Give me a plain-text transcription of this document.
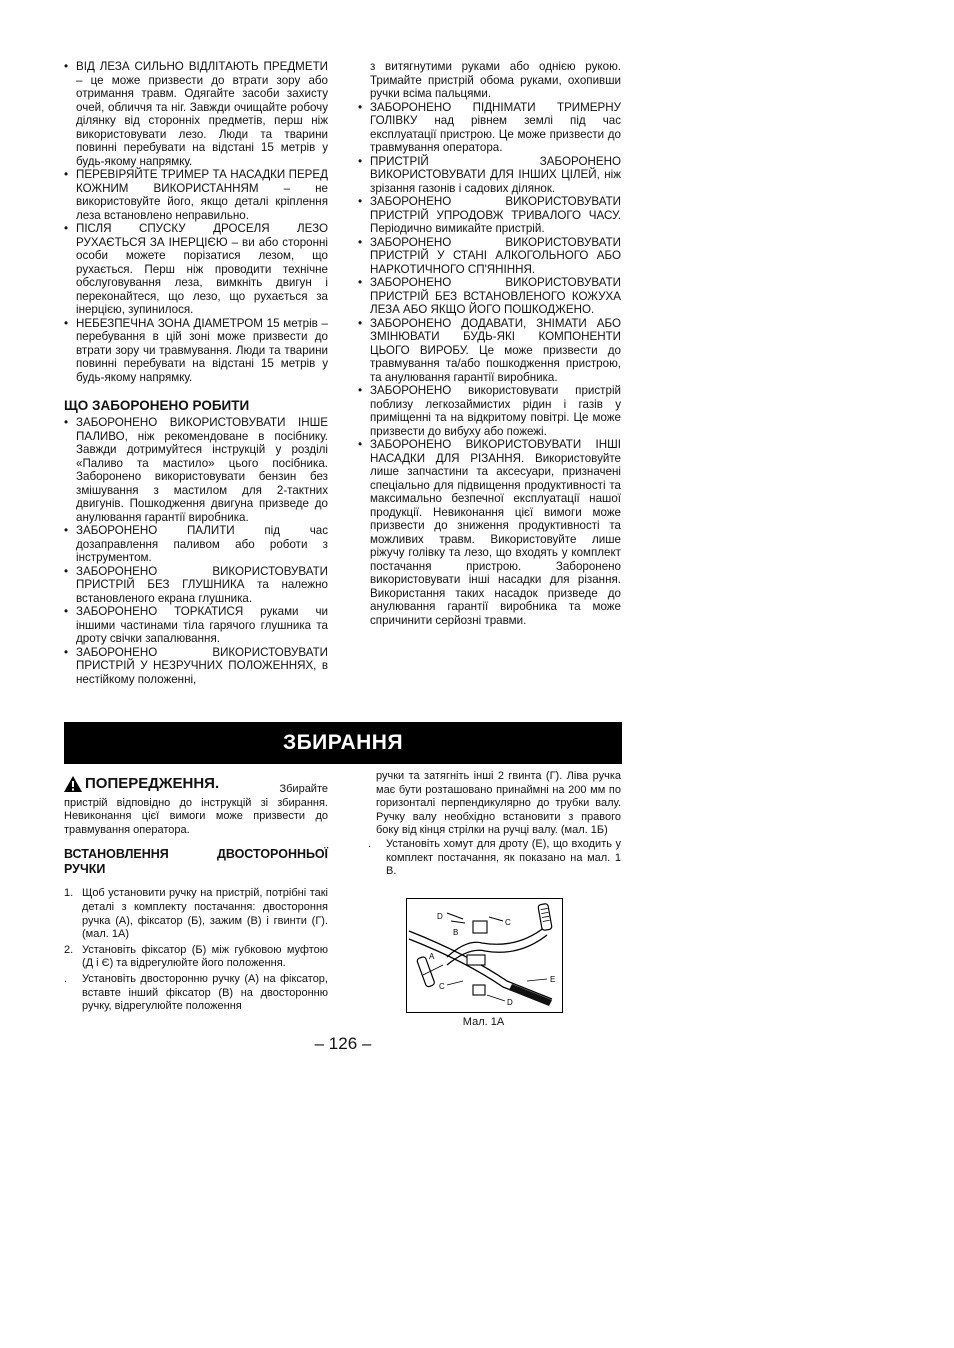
• ВІД ЛЕЗА СИЛЬНО ВІДЛІТАЮТЬ ПРЕДМЕТИ – це може призвести до втрати зору або отримання травм. Одягайте засоби захисту очей, обличчя та ніг. Завжди очищайте робочу ділянку від сторонніх предметів, перш ніж використовувати лезо. Люди та тварини повинні перебувати на відстані 15 метрів у будь-якому напрямку.
• ПЕРЕВІРЯЙТЕ ТРИМЕР ТА НАСАДКИ ПЕРЕД КОЖНИМ ВИКОРИСТАННЯМ – не використовуйте його, якщо деталі кріплення леза встановлено неправильно.
• ПІСЛЯ СПУСКУ ДРОСЕЛЯ ЛЕЗО РУХАЄТЬСЯ ЗА ІНЕРЦІЄЮ – ви або сторонні особи можете порізатися лезом, що рухається. Перш ніж проводити технічне обслуговування леза, вимкніть двигун і переконайтеся, що лезо, що рухається за інерцією, зупинилося.
• НЕБЕЗПЕЧНА ЗОНА ДІАМЕТРОМ 15 метрів – перебування в цій зоні може призвести до втрати зору чи травмування. Люди та тварини повинні перебувати на відстані 15 метрів у будь-якому напрямку.
ЩО ЗАБОРОНЕНО РОБИТИ
• ЗАБОРОНЕНО ВИКОРИСТОВУВАТИ ІНШЕ ПАЛИВО, ніж рекомендоване в посібнику. Завжди дотримуйтеся інструкцій у розділі «Паливо та мастило» цього посібника. Заборонено використовувати бензин без змішування з мастилом для 2-тактних двигунів. Пошкодження двигуна призведе до анулювання гарантії виробника.
• ЗАБОРОНЕНО ПАЛИТИ під час дозаправлення паливом або роботи з інструментом.
• ЗАБОРОНЕНО ВИКОРИСТОВУВАТИ ПРИСТРІЙ БЕЗ ГЛУШНИКА та належно встановленого екрана глушника.
• ЗАБОРОНЕНО ТОРКАТИСЯ руками чи іншими частинами тіла гарячого глушника та дроту свічки запалювання.
• ЗАБОРОНЕНО ВИКОРИСТОВУВАТИ ПРИСТРІЙ У НЕЗРУЧНИХ ПОЛОЖЕННЯХ, в нестійкому положенні,
з витягнутими руками або однією рукою. Тримайте пристрій обома руками, охопивши ручки всіма пальцями.
• ЗАБОРОНЕНО ПІДНІМАТИ ТРИМЕРНУ ГОЛІВКУ над рівнем землі під час експлуатації пристрою. Це може призвести до травмування оператора.
• ПРИСТРІЙ ЗАБОРОНЕНО ВИКОРИСТОВУВАТИ ДЛЯ ІНШИХ ЦІЛЕЙ, ніж зрізання газонів і садових ділянок.
• ЗАБОРОНЕНО ВИКОРИСТОВУВАТИ ПРИСТРІЙ УПРОДОВЖ ТРИВАЛОГО ЧАСУ. Періодично вимикайте пристрій.
• ЗАБОРОНЕНО ВИКОРИСТОВУВАТИ ПРИСТРІЙ У СТАНІ АЛКОГОЛЬНОГО АБО НАРКОТИЧНОГО СП'ЯНІННЯ.
• ЗАБОРОНЕНО ВИКОРИСТОВУВАТИ ПРИСТРІЙ БЕЗ ВСТАНОВЛЕНОГО КОЖУХА ЛЕЗА АБО ЯКЩО ЙОГО ПОШКОДЖЕНО.
• ЗАБОРОНЕНО ДОДАВАТИ, ЗНІМАТИ АБО ЗМІНЮВАТИ БУДЬ-ЯКІ КОМПОНЕНТИ ЦЬОГО ВИРОБУ. Це може призвести до травмування та/або пошкодження пристрою, та анулювання гарантії виробника.
• ЗАБОРОНЕНО використовувати пристрій поблизу легкозаймистих рідин і газів у приміщенні та на відкритому повітрі. Це може призвести до вибуху або пожежі.
• ЗАБОРОНЕНО ВИКОРИСТОВУВАТИ ІНШІ НАСАДКИ ДЛЯ РІЗАННЯ. Використовуйте лише запчастини та аксесуари, призначені спеціально для підвищення продуктивності та максимально безпечної експлуатації нашої продукції. Невиконання цієї вимоги може призвести до зниження продуктивності та можливих травм. Використовуйте лише ріжучу голівку та лезо, що входять у комплект постачання пристрою. Заборонено використовувати інші насадки для різання. Використання таких насадок призведе до анулювання гарантії виробника та може спричинити серйозні травми.
ЗБИРАННЯ
ПОПЕРЕДЖЕННЯ.	Збирайте пристрій відповідно до інструкцій зі збирання. Невиконання цієї вимоги може призвести до травмування оператора.
ВСТАНОВЛЕННЯ ДВОСТОРОННЬОЇ РУЧКИ
1. Щоб установити ручку на пристрій, потрібні такі деталі з комплекту постачання: двостороння ручка (А), фіксатор (Б), зажим (В) і гвинти (Г). (мал. 1А)
2. Установіть фіксатор (Б) між губковою муфтою (Д і Є) та відрегулюйте його положення.
. Установіть двосторонню ручку (А) на фіксатор, вставте інший фіксатор (В) на двосторонню ручку, відрегулюйте положення
ручки та затягніть інші 2 гвинта (Г). Ліва ручка має бути розташовано принаймні на 200 мм по горизонталі перпендикулярно до трубки валу. Ручку валу необхідно встановити з правого боку від кінця стрілки на ручці валу. (мал. 1Б)
. Установіть хомут для дроту (Е), що входить у комплект постачання, як показано на мал. 1 В.
D
C
B
A
C
E
D
Мал. 1А
– 126 –
